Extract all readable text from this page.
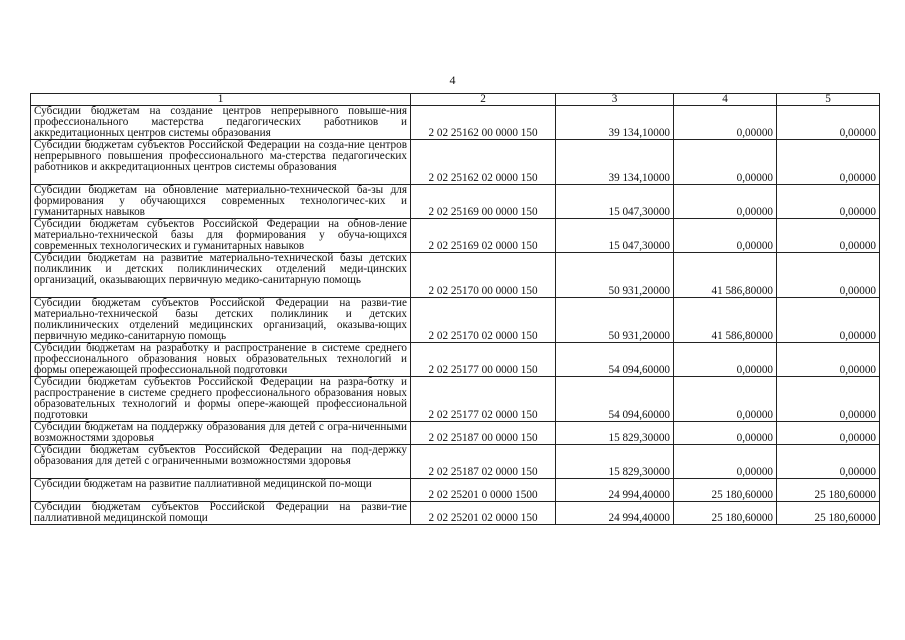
4
1	2	3	4	5
Субсидии бюджетам на создание центров непрерывного повыше-ния профессионального мастерства педагогических работников и аккредитационных центров системы образования	2 02 25162 00 0000 150	39 134,10000	0,00000	0,00000
Субсидии бюджетам субъектов Российской Федерации на созда-ние центров непрерывного повышения профессионального ма-стерства педагогических работников и аккредитационных центров системы образования	2 02 25162 02 0000 150	39 134,10000	0,00000	0,00000
Субсидии бюджетам на обновление материально-технической ба-зы для формирования у обучающихся современных технологичес-ких и гуманитарных навыков	2 02 25169 00 0000 150	15 047,30000	0,00000	0,00000
Субсидии бюджетам субъектов Российской Федерации на обнов-ление материально-технической базы для формирования у обуча-ющихся современных технологических и гуманитарных навыков	2 02 25169 02 0000 150	15 047,30000	0,00000	0,00000
Субсидии бюджетам на развитие материально-технической базы детских поликлиник и детских поликлинических отделений меди-цинских организаций, оказывающих первичную медико-санитарную помощь	2 02 25170 00 0000 150	50 931,20000	41 586,80000	0,00000
Субсидии бюджетам субъектов Российской Федерации на разви-тие материально-технической базы детских поликлиник и детских поликлинических отделений медицинских организаций, оказыва-ющих первичную медико-санитарную помощь	2 02 25170 02 0000 150	50 931,20000	41 586,80000	0,00000
Субсидии бюджетам на разработку и распространение в системе среднего профессионального образования новых образовательных технологий и формы опережающей профессиональной подготовки	2 02 25177 00 0000 150	54 094,60000	0,00000	0,00000
Субсидии бюджетам субъектов Российской Федерации на разра-ботку и распространение в системе среднего профессионального образования новых образовательных технологий и формы опере-жающей профессиональной подготовки	2 02 25177 02 0000 150	54 094,60000	0,00000	0,00000
Субсидии бюджетам на поддержку образования для детей с огра-ниченными возможностями здоровья	2 02 25187 00 0000 150	15 829,30000	0,00000	0,00000
Субсидии бюджетам субъектов Российской Федерации на под-держку образования для детей с ограниченными возможностями здоровья	2 02 25187 02 0000 150	15 829,30000	0,00000	0,00000
Субсидии бюджетам на развитие паллиативной медицинской по-мощи	2 02 25201 0 0000 1500	24 994,40000	25 180,60000	25 180,60000
Субсидии бюджетам субъектов Российской Федерации на разви-тие паллиативной медицинской помощи	2 02 25201 02 0000 150	24 994,40000	25 180,60000	25 180,60000
